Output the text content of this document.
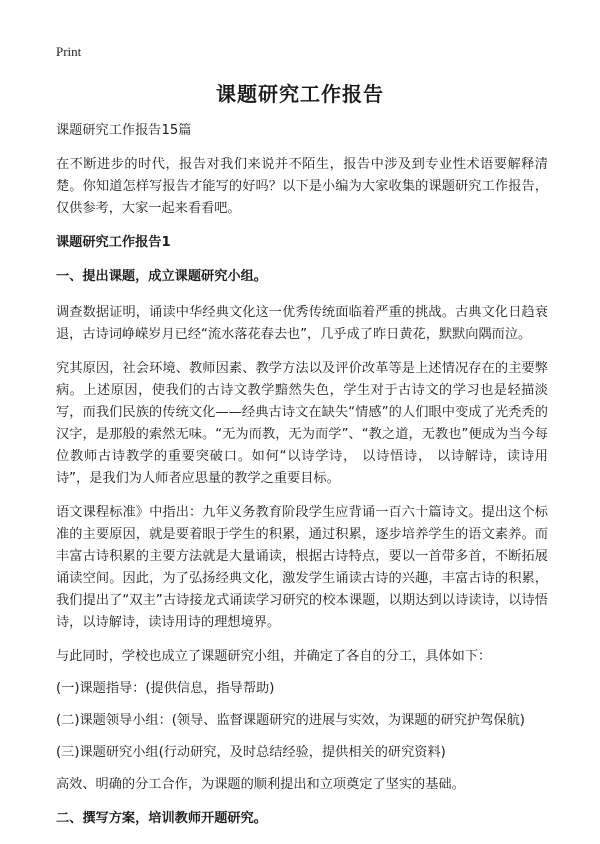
Print
课题研究工作报告

课题研究工作报告15篇

在不断进步的时代，报告对我们来说并不陌生，报告中涉及到专业性术语要解释清楚。你知道怎样写报告才能写的好吗？以下是小编为大家收集的课题研究工作报告，仅供参考，大家一起来看看吧。

课题研究工作报告1

一、提出课题，成立课题研究小组。

调查数据证明，诵读中华经典文化这一优秀传统面临着严重的挑战。古典文化日趋衰退，古诗词峥嵘岁月已经“流水落花春去也”，几乎成了昨日黄花，默默向隅而泣。

究其原因，社会环境、教师因素、教学方法以及评价改革等是上述情况存在的主要弊病。上述原因，使我们的古诗文教学黯然失色，学生对于古诗文的学习也是轻描淡写，而我们民族的传统文化——经典古诗文在缺失“情感”的人们眼中变成了光秃秃的汉字，是那般的索然无味。“无为而教，无为而学”、“教之道，无教也”便成为当今每位教师古诗教学的重要突破口。如何“以诗学诗， 以诗悟诗， 以诗解诗，读诗用诗”，是我们为人师者应思量的教学之重要目标。

语文课程标准》中指出：九年义务教育阶段学生应背诵一百六十篇诗文。提出这个标准的主要原因，就是要着眼于学生的积累，通过积累，逐步培养学生的语文素养。而丰富古诗积累的主要方法就是大量诵读，根据古诗特点，要以一首带多首，不断拓展诵读空间。因此，为了弘扬经典文化，激发学生诵读古诗的兴趣，丰富古诗的积累，我们提出了“双主”古诗接龙式诵读学习研究的校本课题，以期达到以诗读诗，以诗悟诗，以诗解诗，读诗用诗的理想境界。

与此同时，学校也成立了课题研究小组，并确定了各自的分工，具体如下：

(一)课题指导：(提供信息，指导帮助)

(二)课题领导小组：(领导、监督课题研究的进展与实效，为课题的研究护驾保航)

(三)课题研究小组(行动研究，及时总结经验，提供相关的研究资料)

高效、明确的分工合作，为课题的顺利提出和立项奠定了坚实的基础。

二、撰写方案，培训教师开题研究。
